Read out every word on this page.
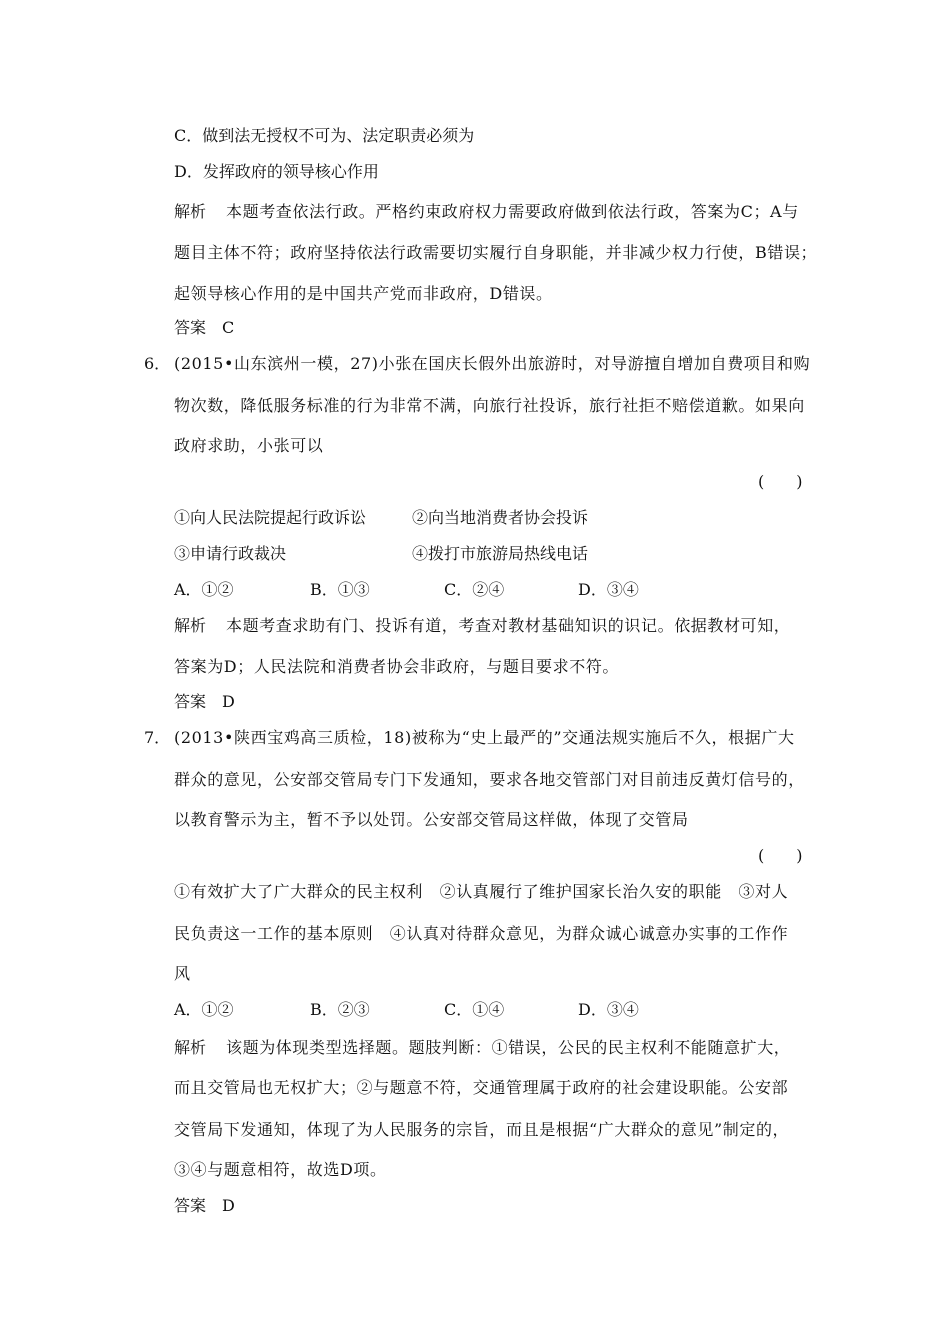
C．做到法无授权不可为、法定职责必须为
D．发挥政府的领导核心作用
解析 本题考查依法行政。严格约束政府权力需要政府做到依法行政，答案为C；A与
题目主体不符；政府坚持依法行政需要切实履行自身职能，并非减少权力行使，B错误；
起领导核心作用的是中国共产党而非政府，D错误。
答案 C
6． (2015•山东滨州一模，27)小张在国庆长假外出旅游时，对导游擅自增加自费项目和购
物次数，降低服务标准的行为非常不满，向旅行社投诉，旅行社拒不赔偿道歉。如果向
政府求助，小张可以
(　　)
①向人民法院提起行政诉讼	②向当地消费者协会投诉
③申请行政裁决	④拨打市旅游局热线电话
A．①②	B．①③	C．②④	D．③④
解析 本题考查求助有门、投诉有道，考查对教材基础知识的识记。依据教材可知，
答案为D；人民法院和消费者协会非政府，与题目要求不符。
答案 D
7． (2013•陕西宝鸡高三质检，18)被称为“史上最严的”交通法规实施后不久，根据广大
群众的意见，公安部交管局专门下发通知，要求各地交管部门对目前违反黄灯信号的，
以教育警示为主，暂不予以处罚。公安部交管局这样做，体现了交管局
(　　)
①有效扩大了广大群众的民主权利　②认真履行了维护国家长治久安的职能　③对人
民负责这一工作的基本原则　④认真对待群众意见，为群众诚心诚意办实事的工作作
风
A．①②	B．②③	C．①④	D．③④
解析 该题为体现类型选择题。题肢判断：①错误，公民的民主权利不能随意扩大，
而且交管局也无权扩大；②与题意不符，交通管理属于政府的社会建设职能。公安部
交管局下发通知，体现了为人民服务的宗旨，而且是根据“广大群众的意见”制定的，
③④与题意相符，故选D项。
答案 D
